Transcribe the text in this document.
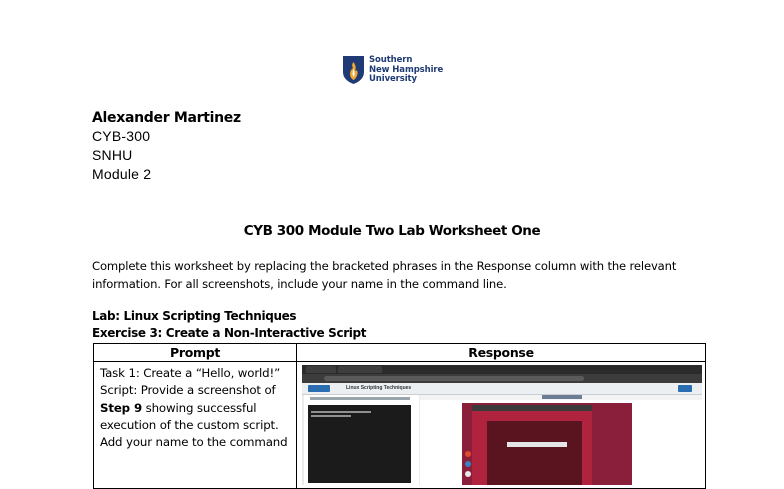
Southern
New Hampshire
University
Alexander Martinez
CYB-300
SNHU
Module 2
CYB 300 Module Two Lab Worksheet One
Complete this worksheet by replacing the bracketed phrases in the Response column with the relevant information. For all screenshots, include your name in the command line.
Lab: Linux Scripting Techniques
Exercise 3: Create a Non-Interactive Script
Prompt	Response

Task 1: Create a “Hello, world!”
Script: Provide a screenshot of
Step 9 showing successful
execution of the custom script.
Add your name to the command	Linux Scripting Techniques
